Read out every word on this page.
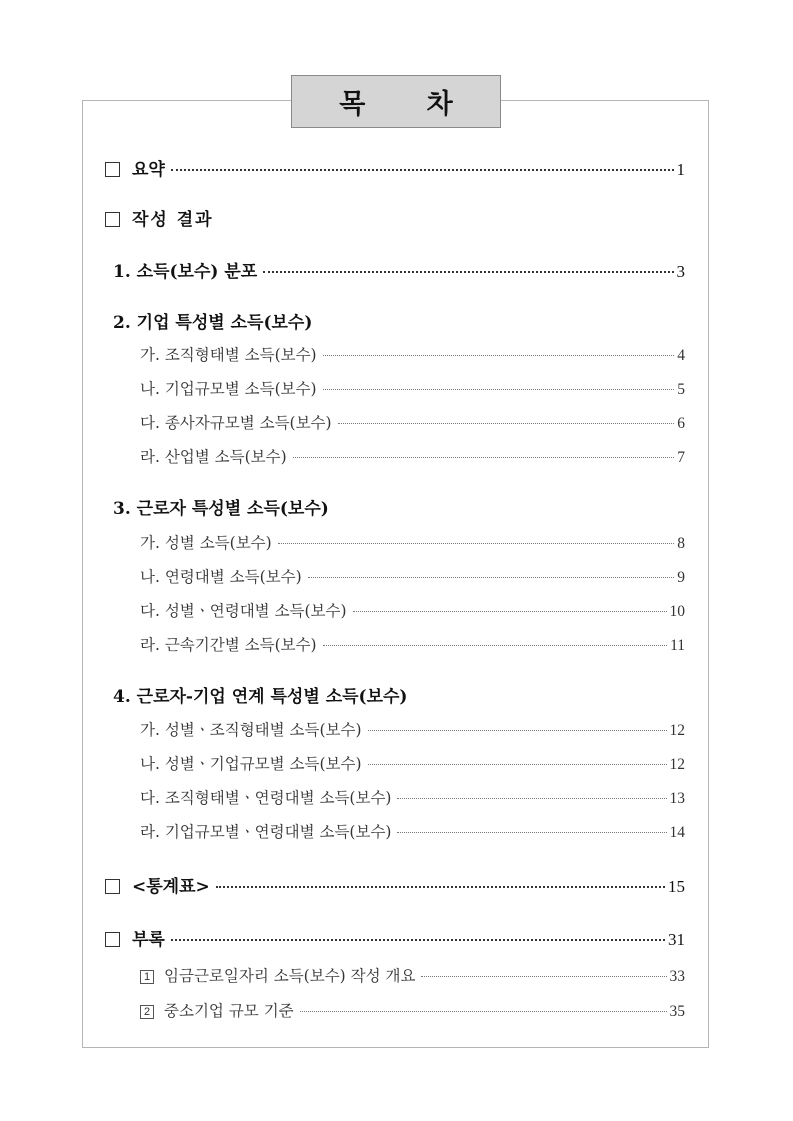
목 차
요약	1
작성 결과
1. 소득(보수) 분포	3
2. 기업 특성별 소득(보수)
가. 조직형태별 소득(보수)	4
나. 기업규모별 소득(보수)	5
다. 종사자규모별 소득(보수)	6
라. 산업별 소득(보수)	7
3. 근로자 특성별 소득(보수)
가. 성별 소득(보수)	8
나. 연령대별 소득(보수)	9
다. 성별ㆍ연령대별 소득(보수)	10
라. 근속기간별 소득(보수)	11
4. 근로자-기업 연계 특성별 소득(보수)
가. 성별ㆍ조직형태별 소득(보수)	12
나. 성별ㆍ기업규모별 소득(보수)	12
다. 조직형태별ㆍ연령대별 소득(보수)	13
라. 기업규모별ㆍ연령대별 소득(보수)	14
<통계표>	15
부록	31
1 임금근로일자리 소득(보수) 작성 개요	33
2 중소기업 규모 기준	35
